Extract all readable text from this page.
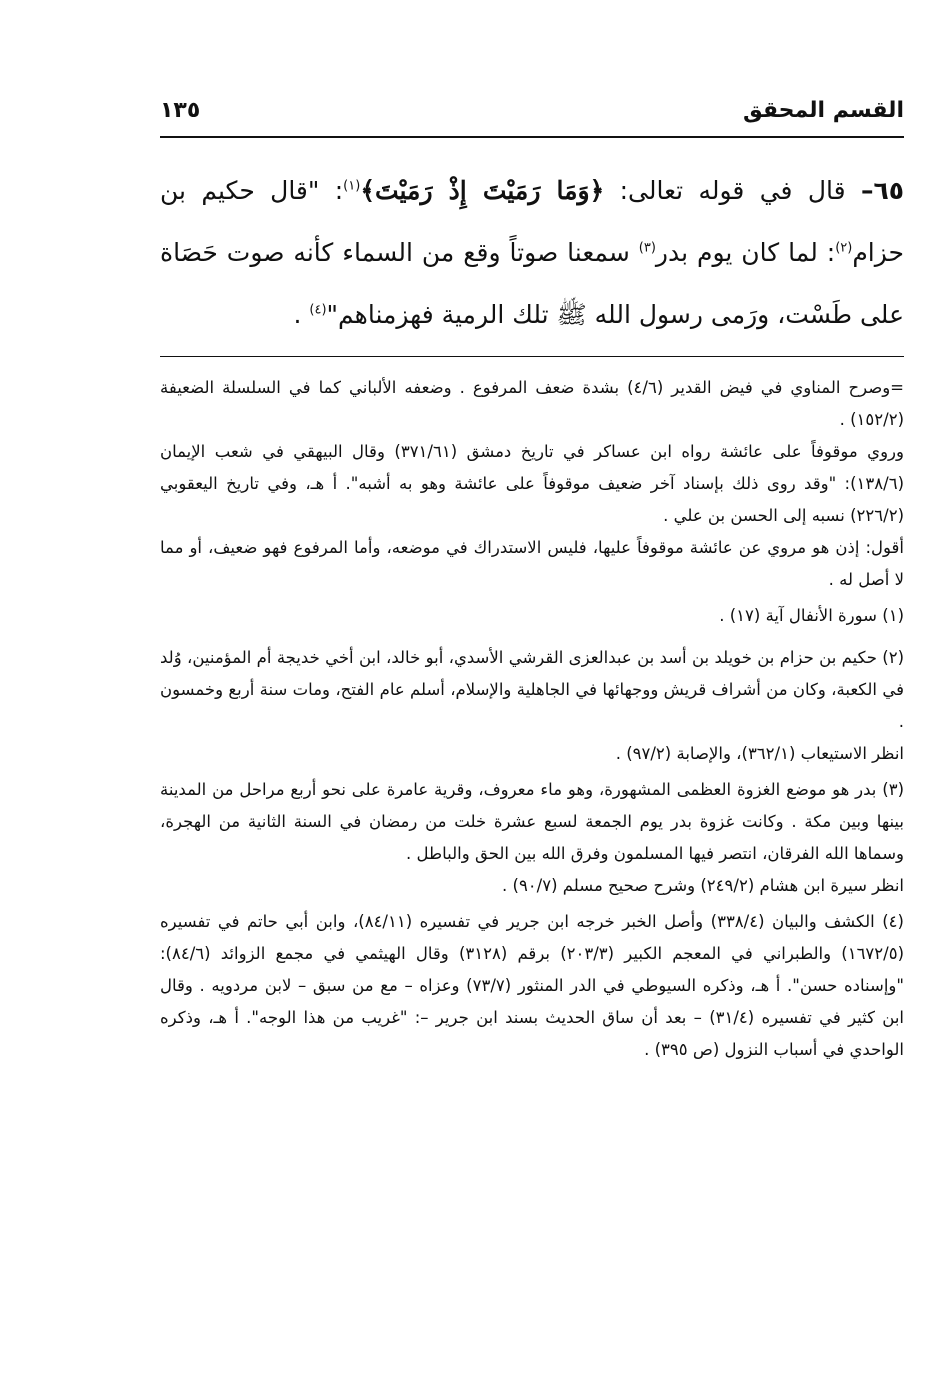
القسم المحقق
١٣٥
٦٥– قال في قوله تعالى: ﴿وَمَا رَمَيْتَ إِذْ رَمَيْتَ﴾$^{(١)}$: "قال حكيم بن حزام$^{(٢)}$: لما كان يوم بدر$^{(٣)}$ سمعنا صوتاً وقع من السماء كأنه صوت حَصَاة على طَسْت، ورَمى رسول الله ﷺ تلك الرمية فهزمناهم"$^{(٤)}$ .

=وصرح المناوي في فيض القدير (٤/٦) بشدة ضعف المرفوع . وضعفه الألباني كما في السلسلة الضعيفة (١٥٢/٢) .

وروي موقوفاً على عائشة رواه ابن عساكر في تاريخ دمشق (٣٧١/٦١) وقال البيهقي في شعب الإيمان (١٣٨/٦): "وقد روى ذلك بإسناد آخر ضعيف موقوفاً على عائشة وهو به أشبه". أ هـ، وفي تاريخ اليعقوبي (٢٢٦/٢) نسبه إلى الحسن بن علي .

أقول: إذن هو مروي عن عائشة موقوفاً عليها، فليس الاستدراك في موضعه، وأما المرفوع فهو ضعيف، أو مما لا أصل له .

(١) سورة الأنفال آية (١٧) .

(٢) حكيم بن حزام بن خويلد بن أسد بن عبدالعزى القرشي الأسدي، أبو خالد، ابن أخي خديجة أم المؤمنين، وُلد في الكعبة، وكان من أشراف قريش ووجهائها في الجاهلية والإسلام، أسلم عام الفتح، ومات سنة أربع وخمسون .

انظر الاستيعاب (٣٦٢/١)، والإصابة (٩٧/٢) .

(٣) بدر هو موضع الغزوة العظمى المشهورة، وهو ماء معروف، وقرية عامرة على نحو أربع مراحل من المدينة بينها وبين مكة . وكانت غزوة بدر يوم الجمعة لسبع عشرة خلت من رمضان في السنة الثانية من الهجرة، وسماها الله الفرقان، انتصر فيها المسلمون وفرق الله بين الحق والباطل .

انظر سيرة ابن هشام (٢٤٩/٢) وشرح صحيح مسلم (٩٠/٧) .

(٤) الكشف والبيان (٣٣٨/٤) وأصل الخبر خرجه ابن جرير في تفسيره (٨٤/١١)، وابن أبي حاتم في تفسيره (١٦٧٢/٥) والطبراني في المعجم الكبير (٢٠٣/٣) برقم (٣١٢٨) وقال الهيثمي في مجمع الزوائد (٨٤/٦): "وإسناده حسن". أ هـ، وذكره السيوطي في الدر المنثور (٧٣/٧) وعزاه – مع من سبق – لابن مردويه . وقال ابن كثير في تفسيره (٣١/٤) – بعد أن ساق الحديث بسند ابن جرير –: "غريب من هذا الوجه". أ هـ، وذكره الواحدي في أسباب النزول (ص ٣٩٥) .
